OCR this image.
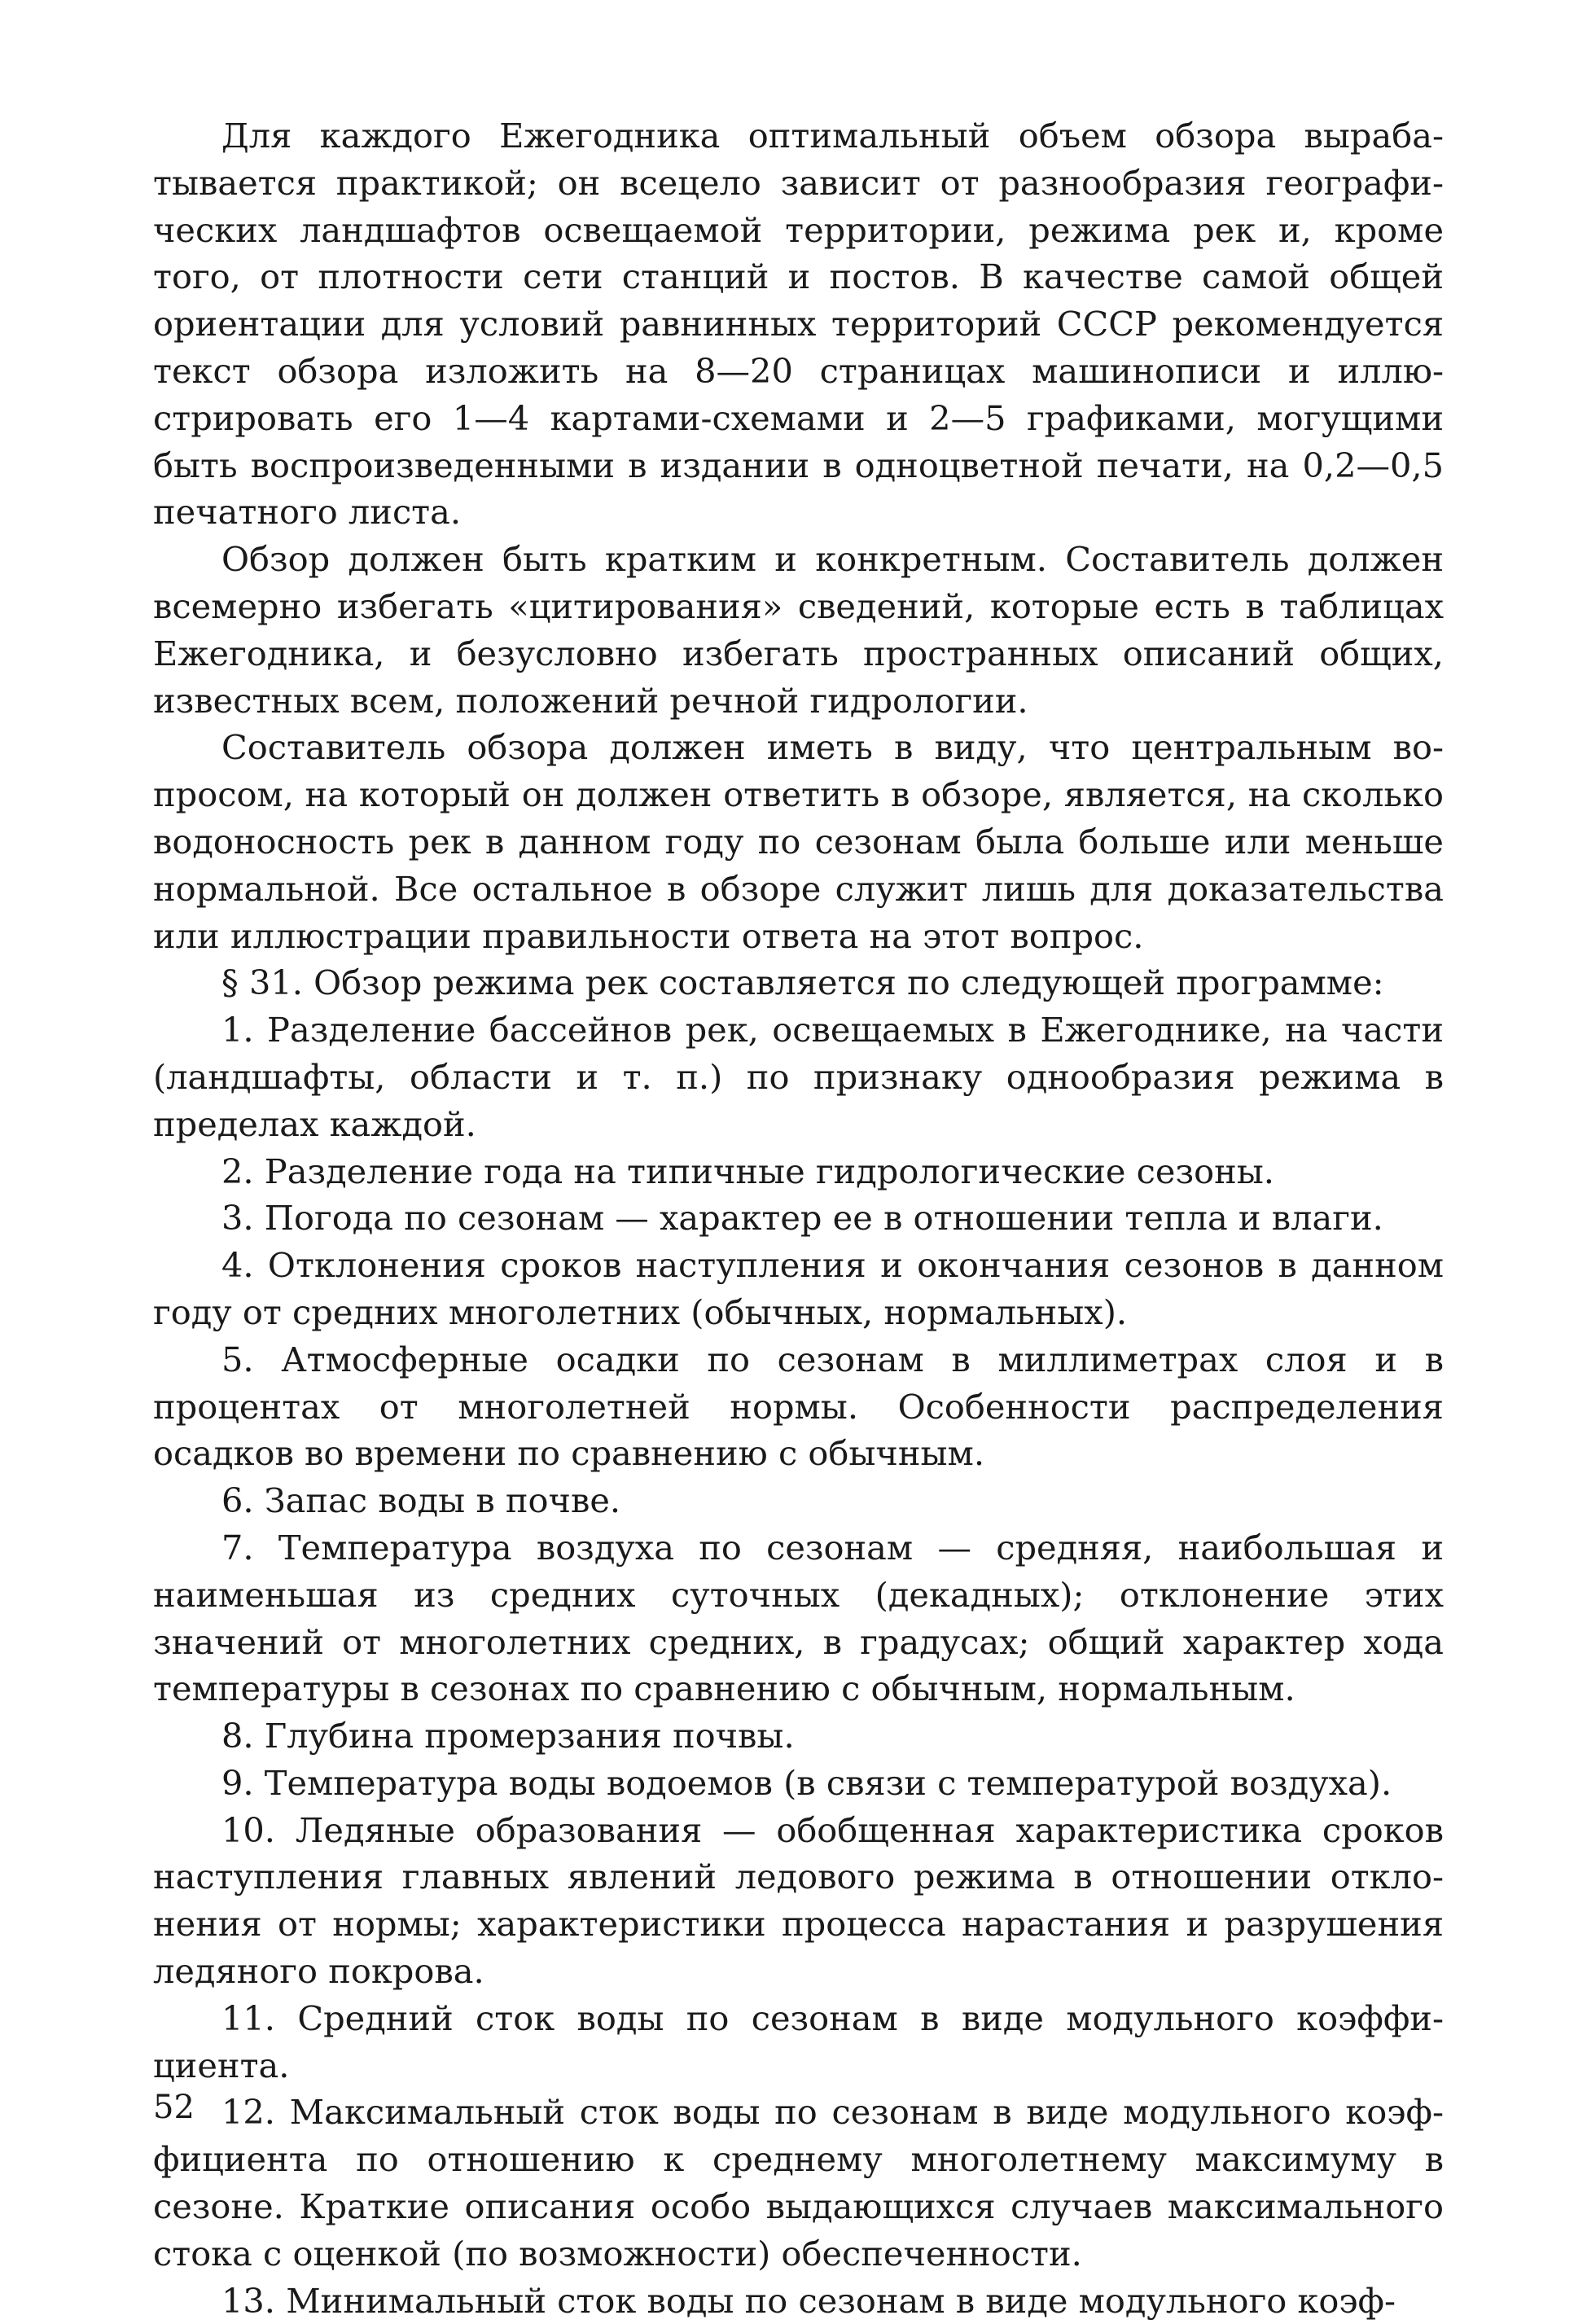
Для каждого Ежегодника оптимальный объем обзора вырабатывается практикой; он всецело зависит от разнообразия географических ландшафтов освещаемой территории, режима рек и, кроме того, от плотности сети станций и постов. В качестве самой общей ориентации для условий равнинных территорий СССР рекомендуется текст обзора изложить на 8—20 страницах машинописи и иллюстрировать его 1—4 картами-схемами и 2—5 графиками, могущими быть воспроизведенными в издании в одноцветной печати, на 0,2—0,5 печатного листа.

Обзор должен быть кратким и конкретным. Составитель должен всемерно избегать «цитирования» сведений, которые есть в таблицах Ежегодника, и безусловно избегать пространных описаний общих, известных всем, положений речной гидрологии.

Составитель обзора должен иметь в виду, что центральным вопросом, на который он должен ответить в обзоре, является, на сколько водоносность рек в данном году по сезонам была больше или меньше нормальной. Все остальное в обзоре служит лишь для доказательства или иллюстрации правильности ответа на этот вопрос.

§ 31. Обзор режима рек составляется по следующей программе:

1. Разделение бассейнов рек, освещаемых в Ежегоднике, на части (ландшафты, области и т. п.) по признаку однообразия режима в пределах каждой.

2. Разделение года на типичные гидрологические сезоны.

3. Погода по сезонам — характер ее в отношении тепла и влаги.

4. Отклонения сроков наступления и окончания сезонов в данном году от средних многолетних (обычных, нормальных).

5. Атмосферные осадки по сезонам в миллиметрах слоя и в процентах от многолетней нормы. Особенности распределения осадков во времени по сравнению с обычным.

6. Запас воды в почве.

7. Температура воздуха по сезонам — средняя, наибольшая и наименьшая из средних суточных (декадных); отклонение этих значений от многолетних средних, в градусах; общий характер хода температуры в сезонах по сравнению с обычным, нормальным.

8. Глубина промерзания почвы.

9. Температура воды водоемов (в связи с температурой воздуха).

10. Ледяные образования — обобщенная характеристика сроков наступления главных явлений ледового режима в отношении отклонения от нормы; характеристики процесса нарастания и разрушения ледяного покрова.

11. Средний сток воды по сезонам в виде модульного коэффициента.

12. Максимальный сток воды по сезонам в виде модульного коэффициента по отношению к среднему многолетнему максимуму в сезоне. Краткие описания особо выдающихся случаев максимального стока с оценкой (по возможности) обеспеченности.

13. Минимальный сток воды по сезонам в виде модульного коэф-

52
